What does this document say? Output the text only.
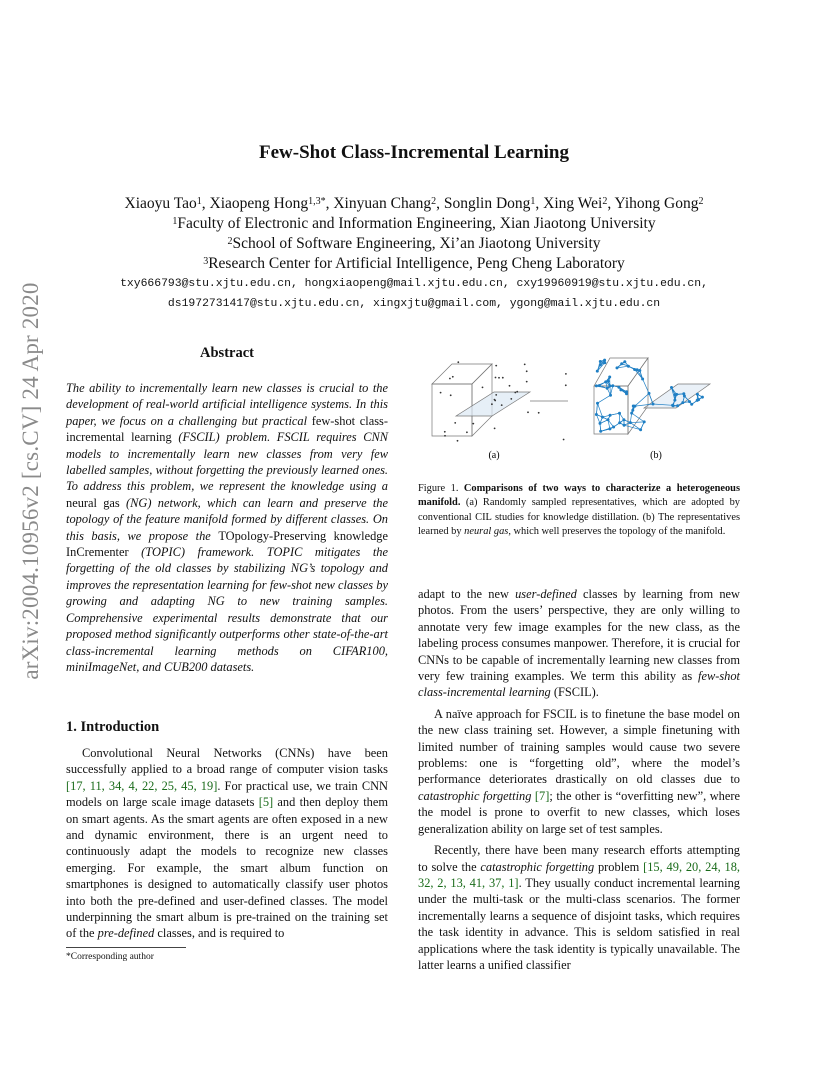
arXiv:2004.10956v2 [cs.CV] 24 Apr 2020
Few-Shot Class-Incremental Learning
Xiaoyu Tao$^1$, Xiaopeng Hong$^{1,3*}$, Xinyuan Chang$^2$, Songlin Dong$^1$, Xing Wei$^2$, Yihong Gong$^2$
$^1$Faculty of Electronic and Information Engineering, Xian Jiaotong University
$^2$School of Software Engineering, Xi’an Jiaotong University
$^3$Research Center for Artificial Intelligence, Peng Cheng Laboratory
txy666793@stu.xjtu.edu.cn, hongxiaopeng@mail.xjtu.edu.cn, cxy19960919@stu.xjtu.edu.cn,
ds1972731417@stu.xjtu.edu.cn, xingxjtu@gmail.com, ygong@mail.xjtu.edu.cn
Abstract

The ability to incrementally learn new classes is crucial to the development of real-world artificial intelligence systems. In this paper, we focus on a challenging but practical few-shot class-incremental learning (FSCIL) problem. FSCIL requires CNN models to incrementally learn new classes from very few labelled samples, without forgetting the previously learned ones. To address this problem, we represent the knowledge using a neural gas (NG) network, which can learn and preserve the topology of the feature manifold formed by different classes. On this basis, we propose the TOpology-Preserving knowledge InCrementer (TOPIC) framework. TOPIC mitigates the forgetting of the old classes by stabilizing NG’s topology and improves the representation learning for few-shot new classes by growing and adapting NG to new training samples. Comprehensive experimental results demonstrate that our proposed method significantly outperforms other state-of-the-art class-incremental learning methods on CIFAR100, miniImageNet, and CUB200 datasets.

1. Introduction

Convolutional Neural Networks (CNNs) have been successfully applied to a broad range of computer vision tasks [17, 11, 34, 4, 22, 25, 45, 19]. For practical use, we train CNN models on large scale image datasets [5] and then deploy them on smart agents. As the smart agents are often exposed in a new and dynamic environment, there is an urgent need to continuously adapt the models to recognize new classes emerging. For example, the smart album function on smartphones is designed to automatically classify user photos into both the pre-defined and user-defined classes. The model underpinning the smart album is pre-trained on the training set of the pre-defined classes, and is required to

*Corresponding author
(a)	(b)
Figure 1. Comparisons of two ways to characterize a heterogeneous manifold. (a) Randomly sampled representatives, which are adopted by conventional CIL studies for knowledge distillation. (b) The representatives learned by neural gas, which well preserves the topology of the manifold.

adapt to the new user-defined classes by learning from new photos. From the users’ perspective, they are only willing to annotate very few image examples for the new class, as the labeling process consumes manpower. Therefore, it is crucial for CNNs to be capable of incrementally learning new classes from very few training examples. We term this ability as few-shot class-incremental learning (FSCIL).

A naïve approach for FSCIL is to finetune the base model on the new class training set. However, a simple finetuning with limited number of training samples would cause two severe problems: one is “forgetting old”, where the model’s performance deteriorates drastically on old classes due to catastrophic forgetting [7]; the other is “overfitting new”, where the model is prone to overfit to new classes, which loses generalization ability on large set of test samples.

Recently, there have been many research efforts attempting to solve the catastrophic forgetting problem [15, 49, 20, 24, 18, 32, 2, 13, 41, 37, 1]. They usually conduct incremental learning under the multi-task or the multi-class scenarios. The former incrementally learns a sequence of disjoint tasks, which requires the task identity in advance. This is seldom satisfied in real applications where the task identity is typically unavailable. The latter learns a unified classifier
